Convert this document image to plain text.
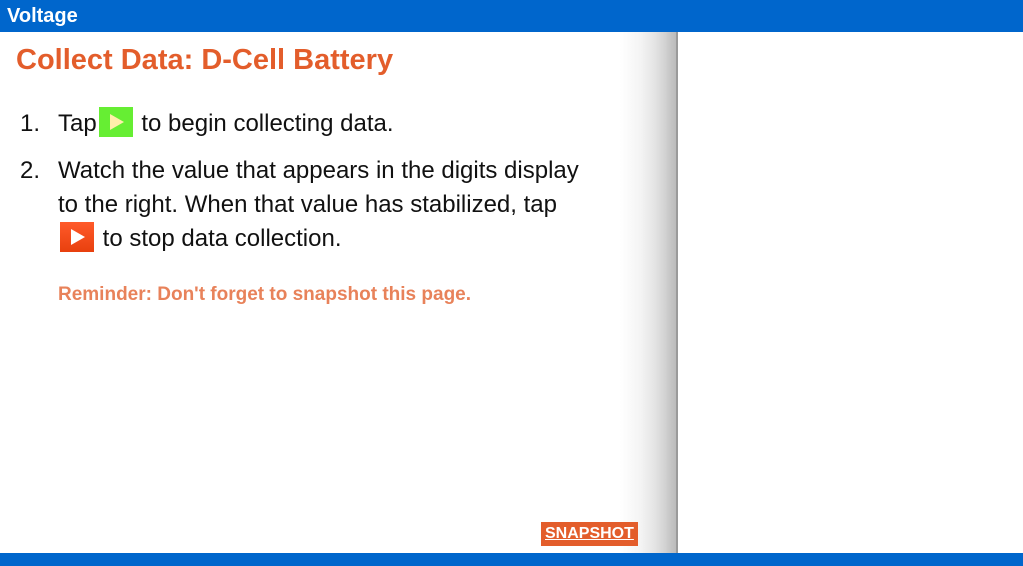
Voltage
Collect Data: D-Cell Battery
1. Tap to begin collecting data.
2. Watch the value that appears in the digits display
to the right. When that value has stabilized, tap

to stop data collection.
Reminder: Don't forget to snapshot this page.
SNAPSHOT
